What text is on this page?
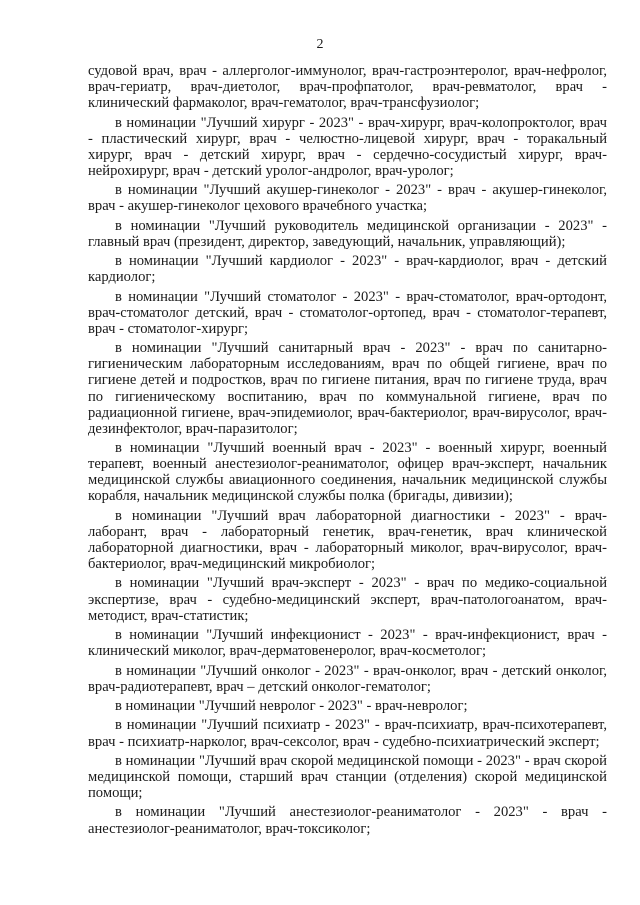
2

судовой врач, врач - аллерголог-иммунолог, врач-гастроэнтеролог, врач-нефролог, врач-гериатр, врач-диетолог, врач-профпатолог, врач-ревматолог, врач - клинический фармаколог, врач-гематолог, врач-трансфузиолог;

в номинации "Лучший хирург - 2023" - врач-хирург, врач-колопроктолог, врач - пластический хирург, врач - челюстно-лицевой хирург, врач - торакальный хирург, врач - детский хирург, врач - сердечно-сосудистый хирург, врач-нейрохирург, врач - детский уролог-андролог, врач-уролог;

в номинации "Лучший акушер-гинеколог - 2023" - врач - акушер-гинеколог, врач - акушер-гинеколог цехового врачебного участка;

в номинации "Лучший руководитель медицинской организации - 2023" - главный врач (президент, директор, заведующий, начальник, управляющий);

в номинации "Лучший кардиолог - 2023" - врач-кардиолог, врач - детский кардиолог;

в номинации "Лучший стоматолог - 2023" - врач-стоматолог, врач-ортодонт, врач-стоматолог детский, врач - стоматолог-ортопед, врач - стоматолог-терапевт, врач - стоматолог-хирург;

в номинации "Лучший санитарный врач - 2023" - врач по санитарно-гигиеническим лабораторным исследованиям, врач по общей гигиене, врач по гигиене детей и подростков, врач по гигиене питания, врач по гигиене труда, врач по гигиеническому воспитанию, врач по коммунальной гигиене, врач по радиационной гигиене, врач-эпидемиолог, врач-бактериолог, врач-вирусолог, врач-дезинфектолог, врач-паразитолог;

в номинации "Лучший военный врач - 2023" - военный хирург, военный терапевт, военный анестезиолог-реаниматолог, офицер врач-эксперт, начальник медицинской службы авиационного соединения, начальник медицинской службы корабля, начальник медицинской службы полка (бригады, дивизии);

в номинации "Лучший врач лабораторной диагностики - 2023" - врач-лаборант, врач - лабораторный генетик, врач-генетик, врач клинической лабораторной диагностики, врач - лабораторный миколог, врач-вирусолог, врач-бактериолог, врач-медицинский микробиолог;

в номинации "Лучший врач-эксперт - 2023" - врач по медико-социальной экспертизе, врач - судебно-медицинский эксперт, врач-патологоанатом, врач-методист, врач-статистик;

в номинации "Лучший инфекционист - 2023" - врач-инфекционист, врач - клинический миколог, врач-дерматовенеролог, врач-косметолог;

в номинации "Лучший онколог - 2023" - врач-онколог, врач - детский онколог, врач-радиотерапевт, врач – детский онколог-гематолог;

в номинации "Лучший невролог - 2023" - врач-невролог;

в номинации "Лучший психиатр - 2023" - врач-психиатр, врач-психотерапевт, врач - психиатр-нарколог, врач-сексолог, врач - судебно-психиатрический эксперт;

в номинации "Лучший врач скорой медицинской помощи - 2023" - врач скорой медицинской помощи, старший врач станции (отделения) скорой медицинской помощи;

в номинации "Лучший анестезиолог-реаниматолог - 2023" - врач - анестезиолог-реаниматолог, врач-токсиколог;
